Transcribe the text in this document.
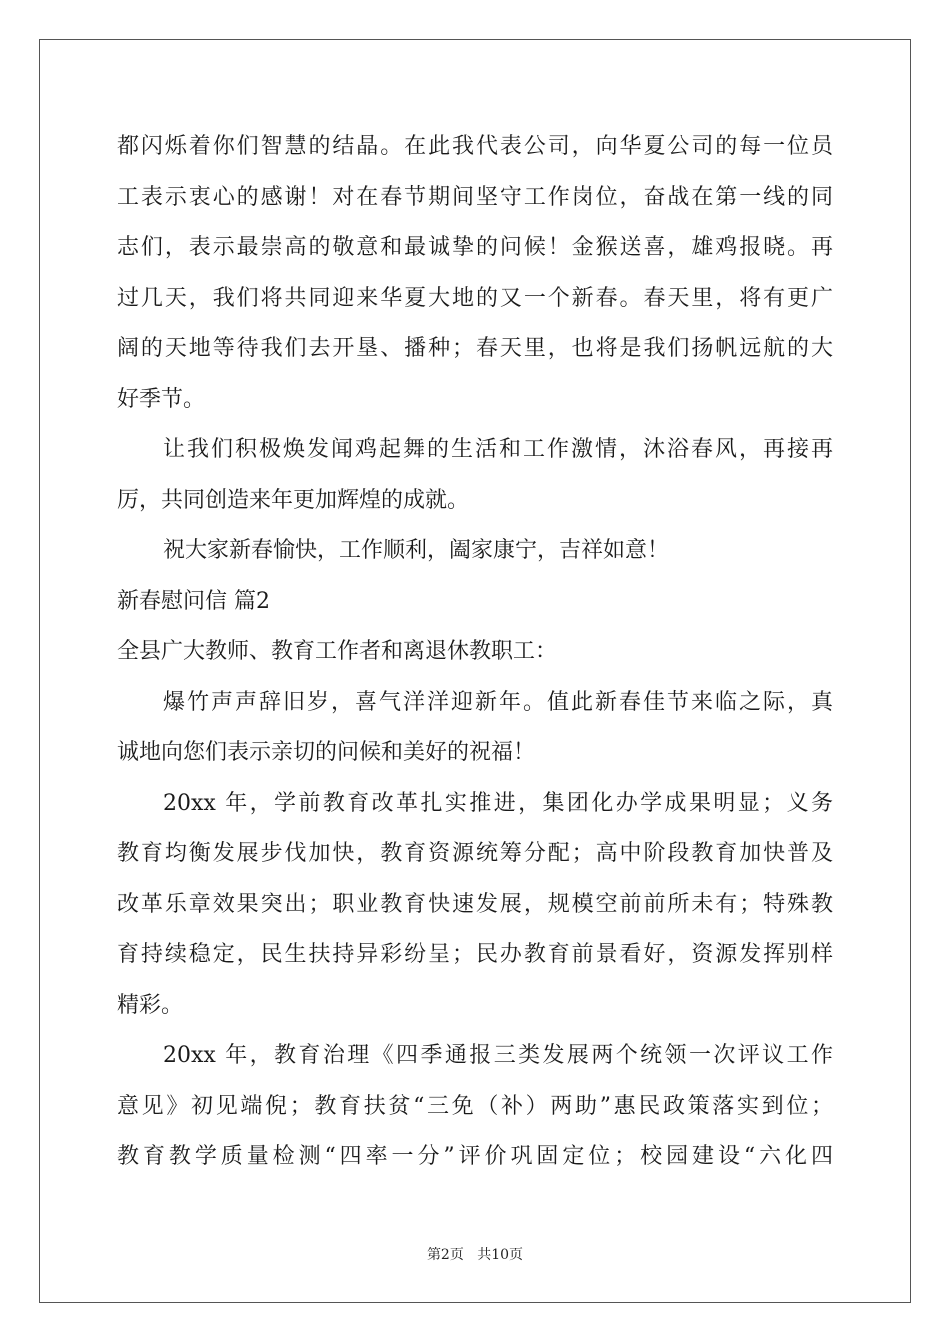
都闪烁着你们智慧的结晶。在此我代表公司，向华夏公司的每一位员
工表示衷心的感谢！对在春节期间坚守工作岗位，奋战在第一线的同
志们，表示最崇高的敬意和最诚挚的问候！金猴送喜，雄鸡报晓。再
过几天，我们将共同迎来华夏大地的又一个新春。春天里，将有更广
阔的天地等待我们去开垦、播种；春天里，也将是我们扬帆远航的大
好季节。
让我们积极焕发闻鸡起舞的生活和工作激情，沐浴春风，再接再
厉，共同创造来年更加辉煌的成就。
祝大家新春愉快，工作顺利，阖家康宁，吉祥如意！
新春慰问信 篇2
全县广大教师、教育工作者和离退休教职工：
爆竹声声辞旧岁，喜气洋洋迎新年。值此新春佳节来临之际，真
诚地向您们表示亲切的问候和美好的祝福！
20xx 年，学前教育改革扎实推进，集团化办学成果明显；义务
教育均衡发展步伐加快，教育资源统筹分配；高中阶段教育加快普及
改革乐章效果突出；职业教育快速发展，规模空前前所未有；特殊教
育持续稳定，民生扶持异彩纷呈；民办教育前景看好，资源发挥别样
精彩。
20xx 年，教育治理《四季通报三类发展两个统领一次评议工作
意见》初见端倪；教育扶贫“三免（补）两助”惠民政策落实到位；
教育教学质量检测“四率一分”评价巩固定位；校园建设“六化四
第2页 共10页
